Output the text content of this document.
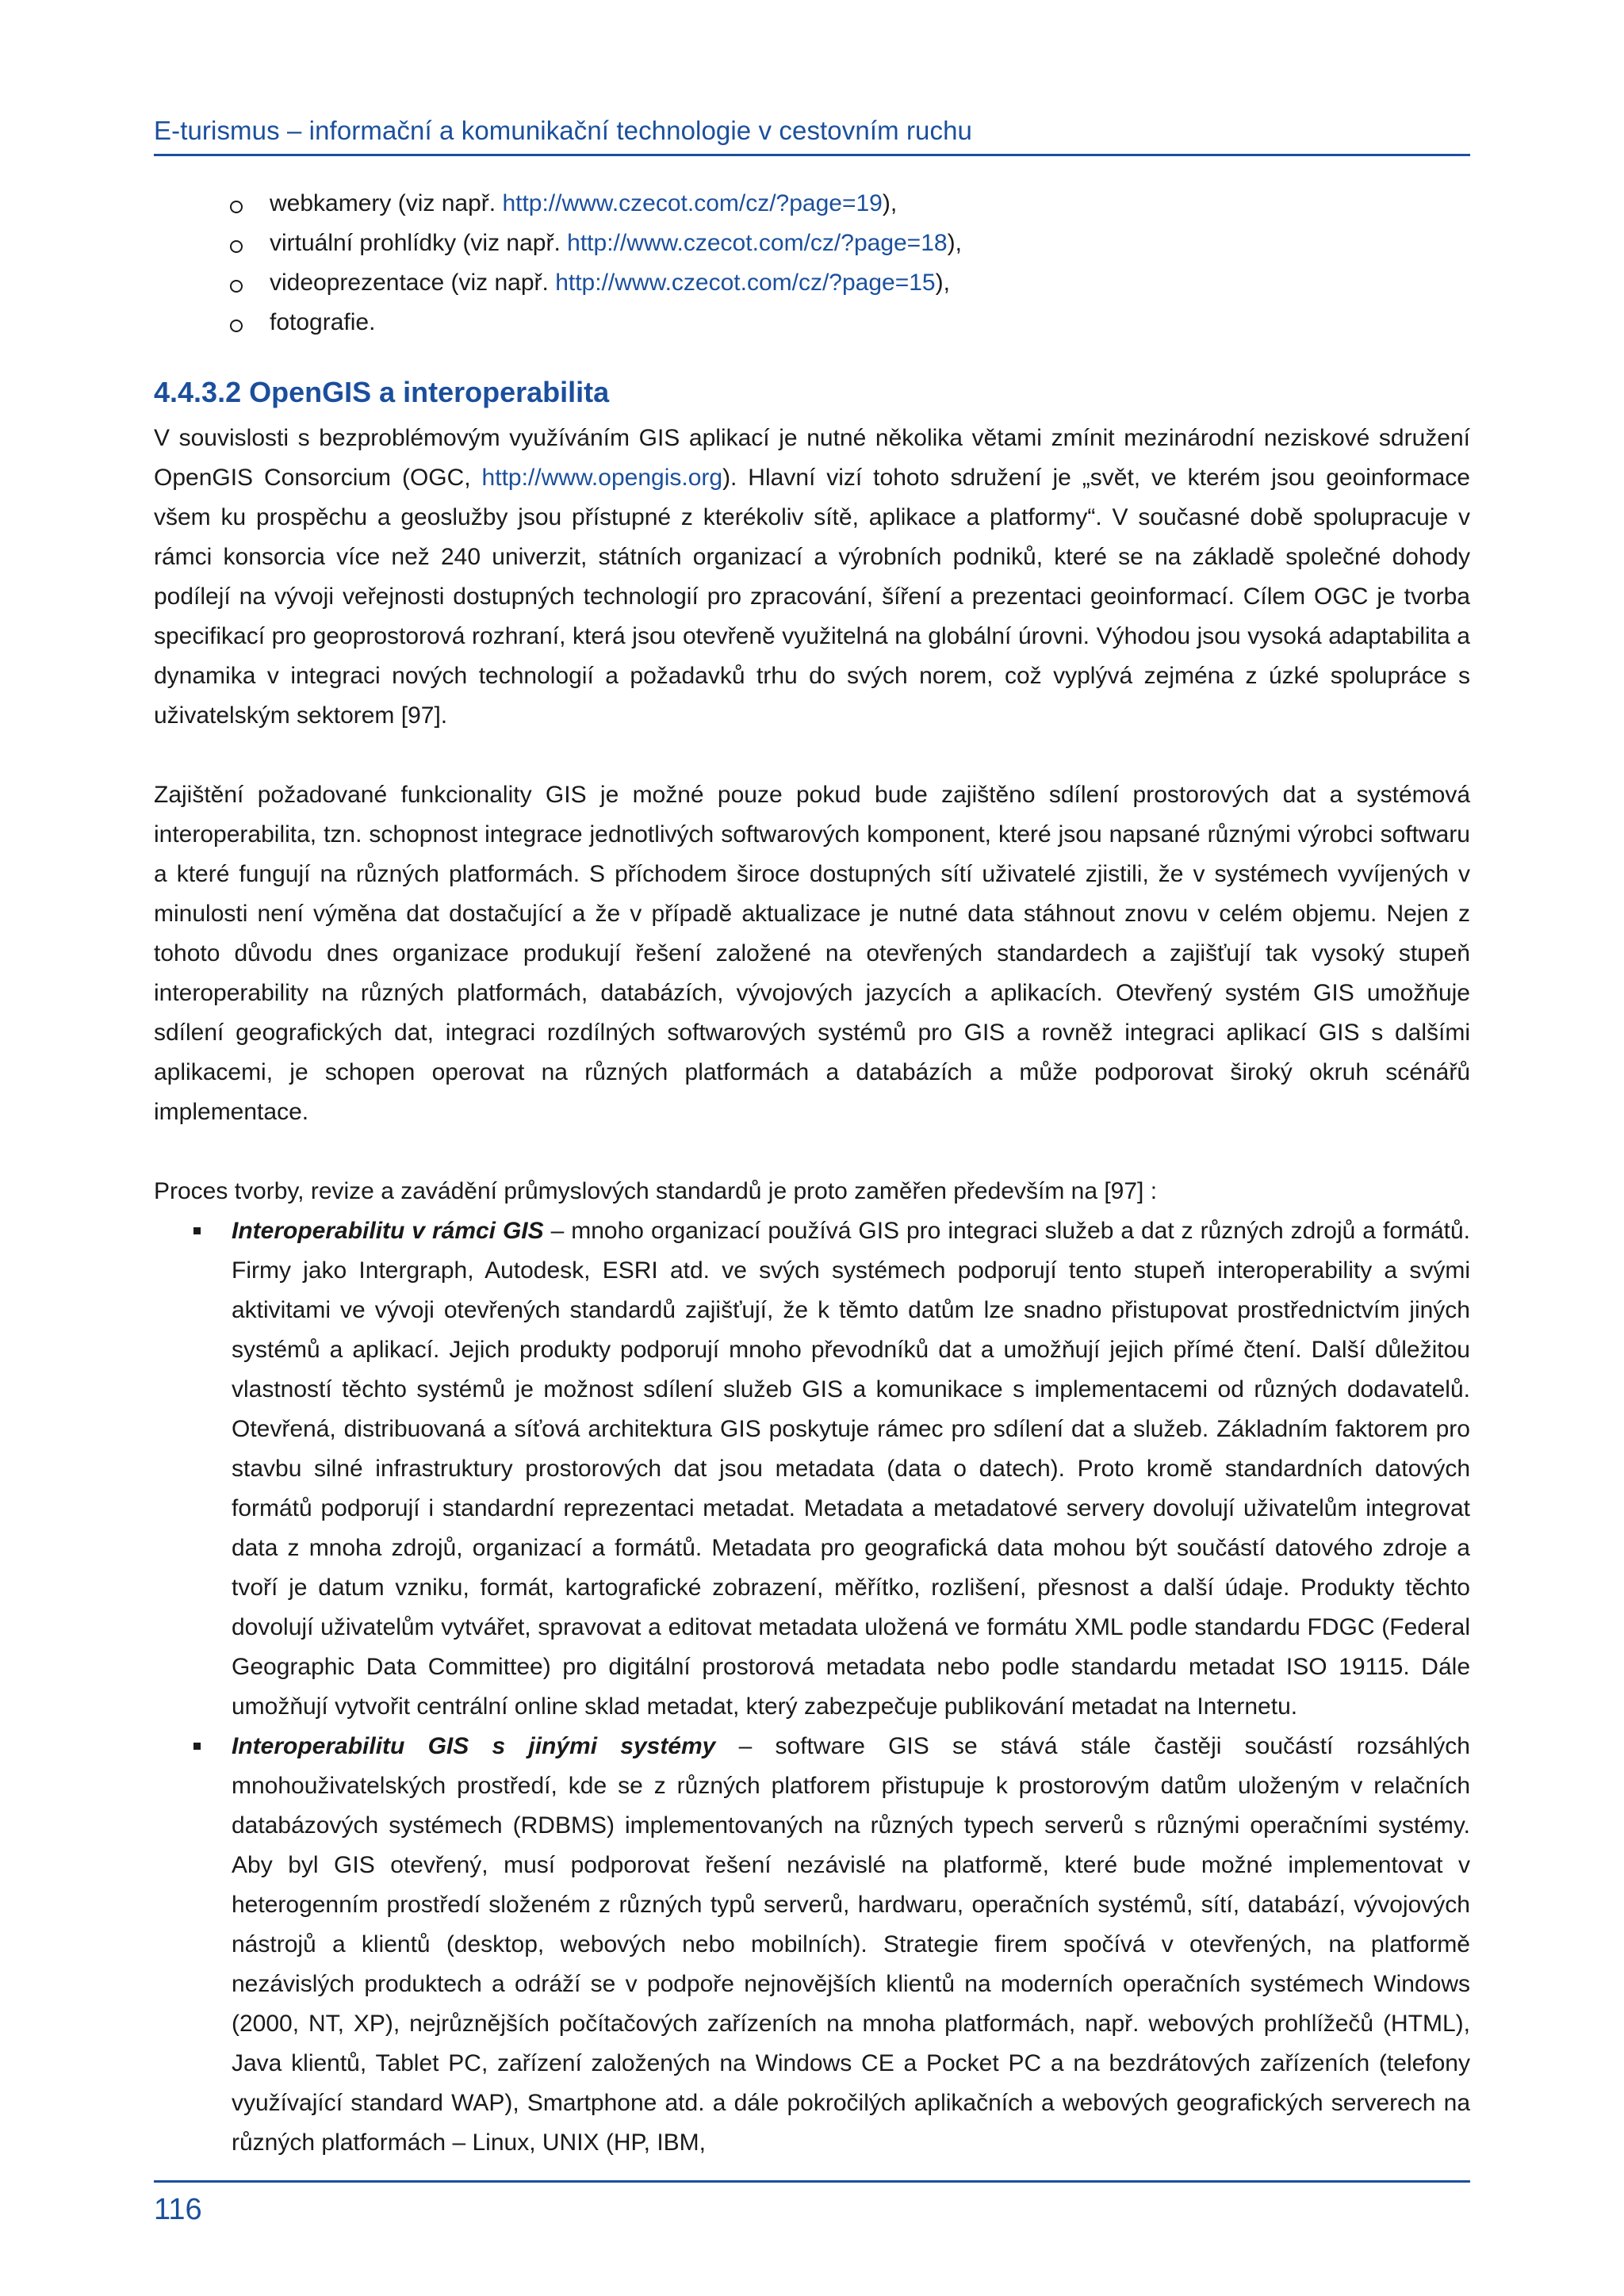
E-turismus – informační a komunikační technologie v cestovním ruchu
webkamery (viz např. http://www.czecot.com/cz/?page=19),
virtuální prohlídky (viz např. http://www.czecot.com/cz/?page=18),
videoprezentace (viz např. http://www.czecot.com/cz/?page=15),
fotografie.
4.4.3.2 OpenGIS a interoperabilita

V souvislosti s bezproblémovým využíváním GIS aplikací je nutné několika větami zmínit mezinárodní neziskové sdružení OpenGIS Consorcium (OGC, http://www.opengis.org). Hlavní vizí tohoto sdružení je „svět, ve kterém jsou geoinformace všem ku prospěchu a geoslužby jsou přístupné z kterékoliv sítě, aplikace a platformy“. V současné době spolupracuje v rámci konsorcia více než 240 univerzit, státních organizací a výrobních podniků, které se na základě společné dohody podílejí na vývoji veřejnosti dostupných technologií pro zpracování, šíření a prezentaci geoinformací. Cílem OGC je tvorba specifikací pro geoprostorová rozhraní, která jsou otevřeně využitelná na globální úrovni. Výhodou jsou vysoká adaptabilita a dynamika v integraci nových technologií a požadavků trhu do svých norem, což vyplývá zejména z úzké spolupráce s uživatelským sektorem [97].

Zajištění požadované funkcionality GIS je možné pouze pokud bude zajištěno sdílení prostorových dat a systémová interoperabilita, tzn. schopnost integrace jednotlivých softwarových komponent, které jsou napsané různými výrobci softwaru a které fungují na různých platformách. S příchodem široce dostupných sítí uživatelé zjistili, že v systémech vyvíjených v minulosti není výměna dat dostačující a že v případě aktualizace je nutné data stáhnout znovu v celém objemu. Nejen z tohoto důvodu dnes organizace produkují řešení založené na otevřených standardech a zajišťují tak vysoký stupeň interoperability na různých platformách, databázích, vývojových jazycích a aplikacích. Otevřený systém GIS umožňuje sdílení geografických dat, integraci rozdílných softwarových systémů pro GIS a rovněž integraci aplikací GIS s dalšími aplikacemi, je schopen operovat na různých platformách a databázích a může podporovat široký okruh scénářů implementace.

Proces tvorby, revize a zavádění průmyslových standardů je proto zaměřen především na [97] :

Interoperabilitu v rámci GIS – mnoho organizací používá GIS pro integraci služeb a dat z různých zdrojů a formátů. Firmy jako Intergraph, Autodesk, ESRI atd. ve svých systémech podporují tento stupeň interoperability a svými aktivitami ve vývoji otevřených standardů zajišťují, že k těmto datům lze snadno přistupovat prostřednictvím jiných systémů a aplikací. Jejich produkty podporují mnoho převodníků dat a umožňují jejich přímé čtení. Další důležitou vlastností těchto systémů je možnost sdílení služeb GIS a komunikace s implementacemi od různých dodavatelů. Otevřená, distribuovaná a síťová architektura GIS poskytuje rámec pro sdílení dat a služeb. Základním faktorem pro stavbu silné infrastruktury prostorových dat jsou metadata (data o datech). Proto kromě standardních datových formátů podporují i standardní reprezentaci metadat. Metadata a metadatové servery dovolují uživatelům integrovat data z mnoha zdrojů, organizací a formátů. Metadata pro geografická data mohou být součástí datového zdroje a tvoří je datum vzniku, formát, kartografické zobrazení, měřítko, rozlišení, přesnost a další údaje. Produkty těchto dovolují uživatelům vytvářet, spravovat a editovat metadata uložená ve formátu XML podle standardu FDGC (Federal Geographic Data Committee) pro digitální prostorová metadata nebo podle standardu metadat ISO 19115. Dále umožňují vytvořit centrální online sklad metadat, který zabezpečuje publikování metadat na Internetu.
Interoperabilitu GIS s jinými systémy – software GIS se stává stále častěji součástí rozsáhlých mnohouživatelských prostředí, kde se z různých platforem přistupuje k prostorovým datům uloženým v relačních databázových systémech (RDBMS) implementovaných na různých typech serverů s různými operačními systémy. Aby byl GIS otevřený, musí podporovat řešení nezávislé na platformě, které bude možné implementovat v heterogenním prostředí složeném z různých typů serverů, hardwaru, operačních systémů, sítí, databází, vývojových nástrojů a klientů (desktop, webových nebo mobilních). Strategie firem spočívá v otevřených, na platformě nezávislých produktech a odráží se v podpoře nejnovějších klientů na moderních operačních systémech Windows (2000, NT, XP), nejrůznějších počítačových zařízeních na mnoha platformách, např. webových prohlížečů (HTML), Java klientů, Tablet PC, zařízení založených na Windows CE a Pocket PC a na bezdrátových zařízeních (telefony využívající standard WAP), Smartphone atd. a dále pokročilých aplikačních a webových geografických serverech na různých platformách – Linux, UNIX (HP, IBM,
116
